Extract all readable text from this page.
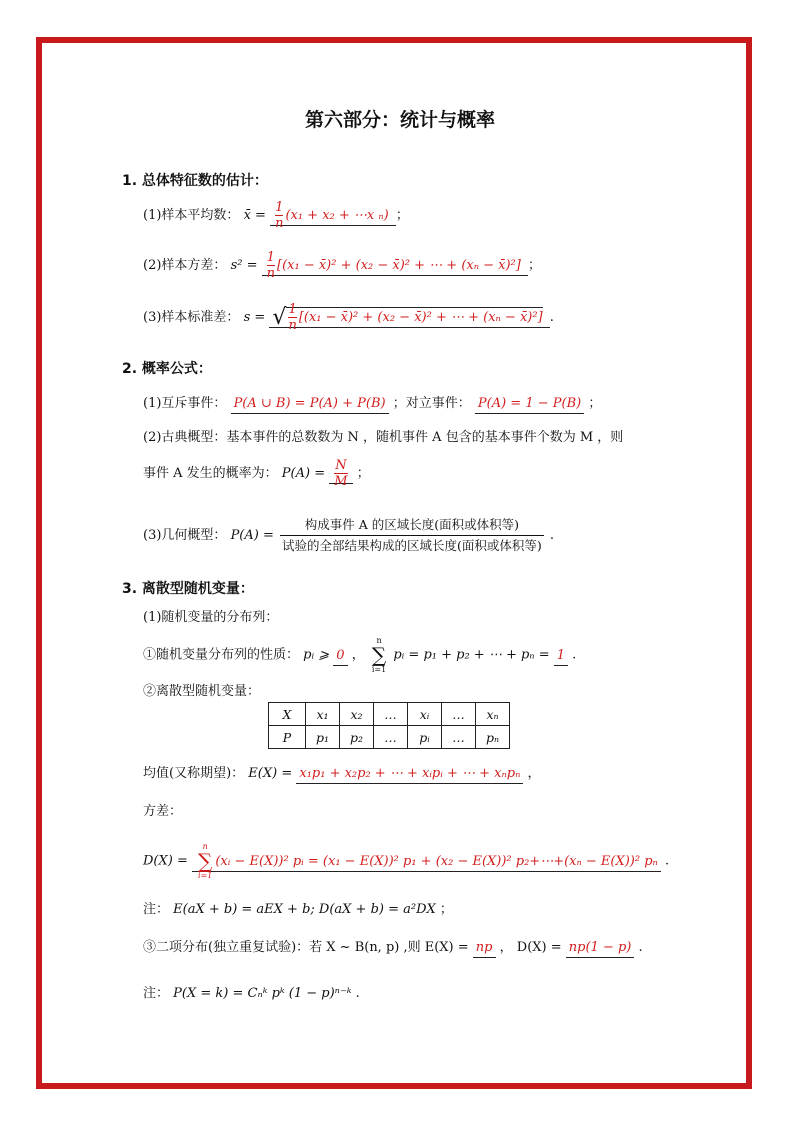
第六部分：统计与概率
1. 总体特征数的估计：
(1)样本平均数： x̄ = $\frac{1}{n} (x_1 + x_2$ + ⋯x ₙ) ；
(2)样本方差： $s^2 = \frac{1}{n} [(x_1$ − x̄)² + (x₂ − x̄)² + ⋯ + (xₙ − x̄)²] ；
(3)样本标准差： s = √ $\frac{1}{n} [(x_1$ − x̄)² + (x₂ − x̄)² + ⋯ + (xₙ − x̄)²] .
2. 概率公式：
(1)互斥事件： P(A ∪ B) = P(A) + P(B) ；对立事件： P(A) = 1 − P(B) ；
(2)古典概型：基本事件的总数数为 N ，随机事件 A 包含的基本事件个数为 M ，则
事件 A 发生的概率为： $P(A) = \frac{N}{M}$ ；
(3)几何概型： $P(A) = \frac{\text{构成事件 A 的区域长度(面积或体积等)}}{\text{试验的全部结果构成的区域长度(面积或体积等)}}$ .
3. 离散型随机变量：
(1)随机变量的分布列：
①随机变量分布列的性质： pᵢ ⩾ 0 ， n
∑
i=1 pᵢ = p₁ + p₂ + ⋯ + pₙ = 1 .
②离散型随机变量：
X	x₁	x₂	…	xᵢ	…	xₙ
P	p₁	p₂	…	pᵢ	…	pₙ
均值(又称期望)： E(X) = x₁p₁ + x₂p₂ + ⋯ + xᵢpᵢ + ⋯ + xₙpₙ ，
方差：
D(X) = n
∑
i=1(xᵢ − E(X))² pᵢ = (x₁ − E(X))² p₁ + (x₂ − E(X))² p₂+⋯+(xₙ − E(X))² pₙ .
注： E(aX + b) = aEX + b; D(aX + b) = a²DX ；
③二项分布(独立重复试验)：若 X ~ B(n, p) ,则 E(X) = np ， D(X) = np(1 − p) .
注： P(X = k) = Cₙᵏ pᵏ (1 − p)ⁿ⁻ᵏ .
